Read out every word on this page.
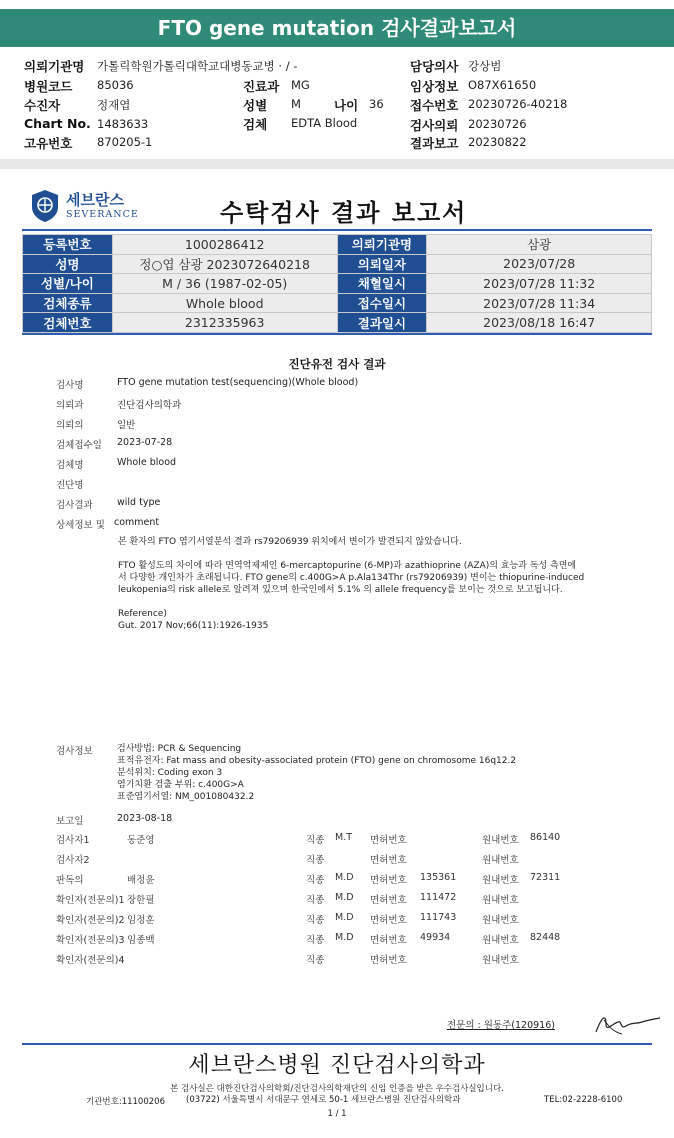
FTO gene mutation 검사결과보고서
의뢰기관명 가톨릭학원가톨릭대학교대병동교병 · / -	담당의사 강상범
병원코드 85036	진료과 MG	임상정보 O87X61650
수진자	정재엽	성별 M	나이 36 접수번호 20230726-40218
Chart No. 1483633	검체 EDTA Blood	검사의뢰 20230726
고유번호 870205-1	결과보고 20230822
세브란스
SEVERANCE	수탁검사 결과 보고서
등록번호	1000286412	의뢰기관명	삼광
성명	정○엽 삼광 2023072640218	의뢰일자	2023/07/28
성별/나이	M / 36 (1987-02-05)	채혈일시	2023/07/28 11:32
검체종류	Whole blood	접수일시	2023/07/28 11:34
검체번호	2312335963	결과일시	2023/08/18 16:47
진단유전 검사 결과
검사명	FTO gene mutation test(sequencing)(Whole blood)
의뢰과	진단검사의학과
의뢰의	일반
검체접수일 2023-07-28
검체명	Whole blood
진단명
검사결과	wild type
상세정보 및 comment
본 환자의 FTO 염기서열분석 결과 rs79206939 위치에서 변이가 발견되지 않았습니다.
FTO 활성도의 차이에 따라 면역억제제인 6-mercaptopurine (6-MP)과 azathioprine (AZA)의 효능과 독성 측면에
서 다양한 개인차가 초래됩니다. FTO gene의 c.400G>A p.Ala134Thr (rs79206939) 변이는 thiopurine-induced
leukopenia의 risk allele로 알려져 있으며 한국인에서 5.1% 의 allele frequency를 보이는 것으로 보고됩니다.
Reference)
Gut. 2017 Nov;66(11):1926-1935
검사정보	검사방법: PCR & Sequencing
표적유전자: Fat mass and obesity-associated protein (FTO) gene on chromosome 16q12.2
분석위치: Coding exon 3
염기치환 검출 부위: c.400G>A
표준염기서열: NM_001080432.2
보고일	2023-08-18
검사자1	동준영	직종 M.T 면허번호	원내번호 86140
검사자2	직종	면허번호	원내번호
판독의	배정윤	직종 M.D 면허번호 135361	원내번호 72311
확인자(전문의)1 장한필	직종 M.D 면허번호 111472	원내번호
확인자(전문의)2 임정훈	직종 M.D 면허번호 111743	원내번호
확인자(전문의)3 임종백	직종 M.D 면허번호 49934	원내번호 82448
확인자(전문의)4	직종	면허번호	원내번호
전문의 : 원동주(120916)
세브란스병원 진단검사의학과
본 검사실은 대한진단검사의학회/진단검사의학재단의 신임 인증을 받은 우수검사실입니다.
기관번호:11100206 (03722) 서울특별시 서대문구 연세로 50-1 세브란스병원 진단검사의학과	TEL:02-2228-6100
1 / 1
